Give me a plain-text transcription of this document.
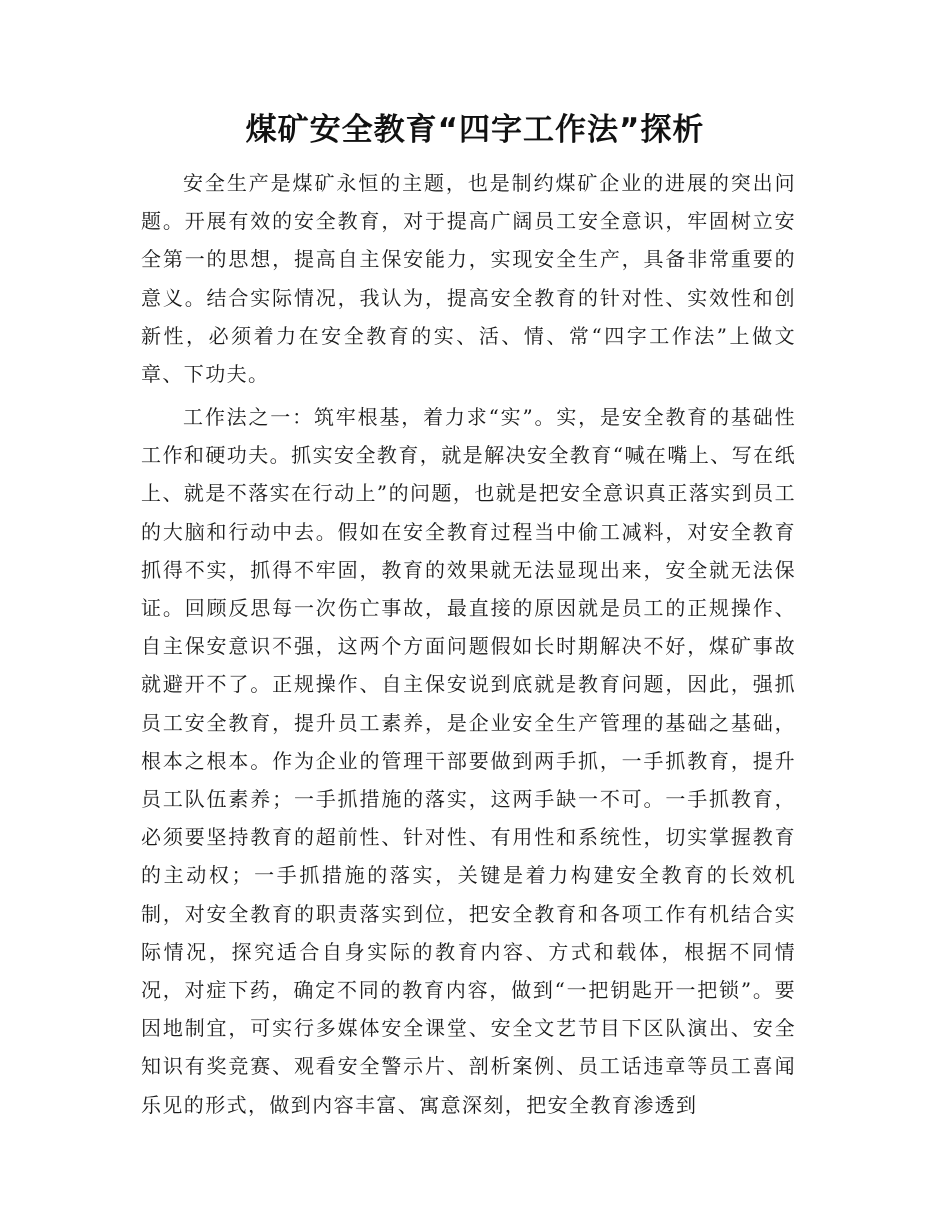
煤矿安全教育“四字工作法”探析

安全生产是煤矿永恒的主题，也是制约煤矿企业的进展的突出问题。开展有效的安全教育，对于提高广阔员工安全意识，牢固树立安全第一的思想，提高自主保安能力，实现安全生产，具备非常重要的意义。结合实际情况，我认为，提高安全教育的针对性、实效性和创新性，必须着力在安全教育的实、活、情、常“四字工作法”上做文章、下功夫。

工作法之一：筑牢根基，着力求“实”。实，是安全教育的基础性工作和硬功夫。抓实安全教育，就是解决安全教育“喊在嘴上、写在纸上、就是不落实在行动上”的问题，也就是把安全意识真正落实到员工的大脑和行动中去。假如在安全教育过程当中偷工减料，对安全教育抓得不实，抓得不牢固，教育的效果就无法显现出来，安全就无法保证。回顾反思每一次伤亡事故，最直接的原因就是员工的正规操作、自主保安意识不强，这两个方面问题假如长时期解决不好，煤矿事故就避开不了。正规操作、自主保安说到底就是教育问题，因此，强抓员工安全教育，提升员工素养，是企业安全生产管理的基础之基础，根本之根本。作为企业的管理干部要做到两手抓，一手抓教育，提升员工队伍素养；一手抓措施的落实，这两手缺一不可。一手抓教育，必须要坚持教育的超前性、针对性、有用性和系统性，切实掌握教育的主动权；一手抓措施的落实，关键是着力构建安全教育的长效机制，对安全教育的职责落实到位，把安全教育和各项工作有机结合实际情况，探究适合自身实际的教育内容、方式和载体，根据不同情况，对症下药，确定不同的教育内容，做到“一把钥匙开一把锁”。要因地制宜，可实行多媒体安全课堂、安全文艺节目下区队演出、安全知识有奖竞赛、观看安全警示片、剖析案例、员工话违章等员工喜闻乐见的形式，做到内容丰富、寓意深刻，把安全教育渗透到
